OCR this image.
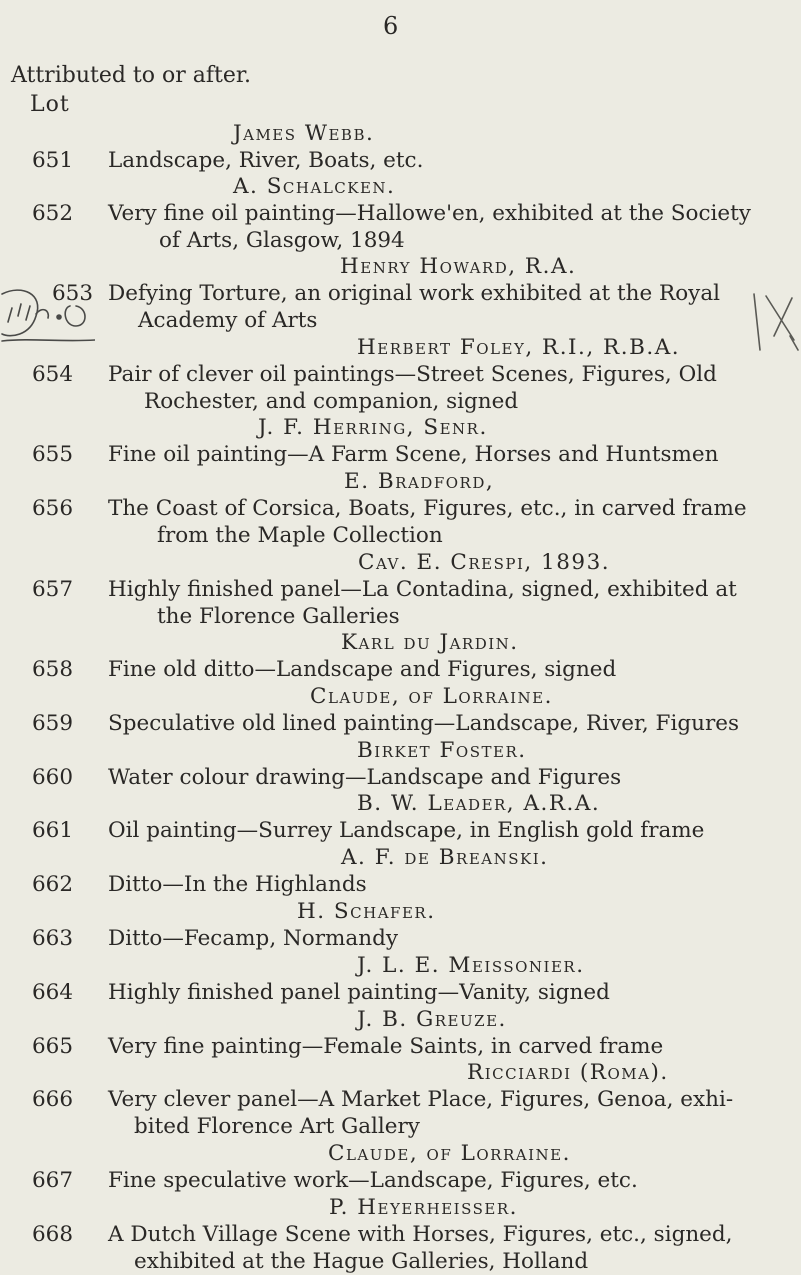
6
Attributed to or after.
Lot
James Webb.
651	Landscape, River, Boats, etc.
A. Schalcken.
652	Very fine oil painting—Hallowe'en, exhibited at the Society
of Arts, Glasgow, 1894
Henry Howard, R.A.
653 Defying Torture, an original work exhibited at the Royal
Academy of Arts
Herbert Foley, R.I., R.B.A.
654	Pair of clever oil paintings—Street Scenes, Figures, Old
Rochester, and companion, signed
J. F. Herring, Senr.
655	Fine oil painting—A Farm Scene, Horses and Huntsmen
E. Bradford,
656	The Coast of Corsica, Boats, Figures, etc., in carved frame
from the Maple Collection
Cav. E. Crespi, 1893.
657	Highly finished panel—La Contadina, signed, exhibited at
the Florence Galleries
Karl du Jardin.
658	Fine old ditto—Landscape and Figures, signed
Claude, of Lorraine.
659	Speculative old lined painting—Landscape, River, Figures
Birket Foster.
660	Water colour drawing—Landscape and Figures
B. W. Leader, A.R.A.
661	Oil painting—Surrey Landscape, in English gold frame
A. F. de Breanski.
662	Ditto—In the Highlands
H. Schafer.
663	Ditto—Fecamp, Normandy
J. L. E. Meissonier.
664	Highly finished panel painting—Vanity, signed
J. B. Greuze.
665	Very fine painting—Female Saints, in carved frame
Ricciardi (Roma).
666	Very clever panel—A Market Place, Figures, Genoa, exhi-
bited Florence Art Gallery
Claude, of Lorraine.
667	Fine speculative work—Landscape, Figures, etc.
P. Heyerheisser.
668	A Dutch Village Scene with Horses, Figures, etc., signed,
exhibited at the Hague Galleries, Holland
